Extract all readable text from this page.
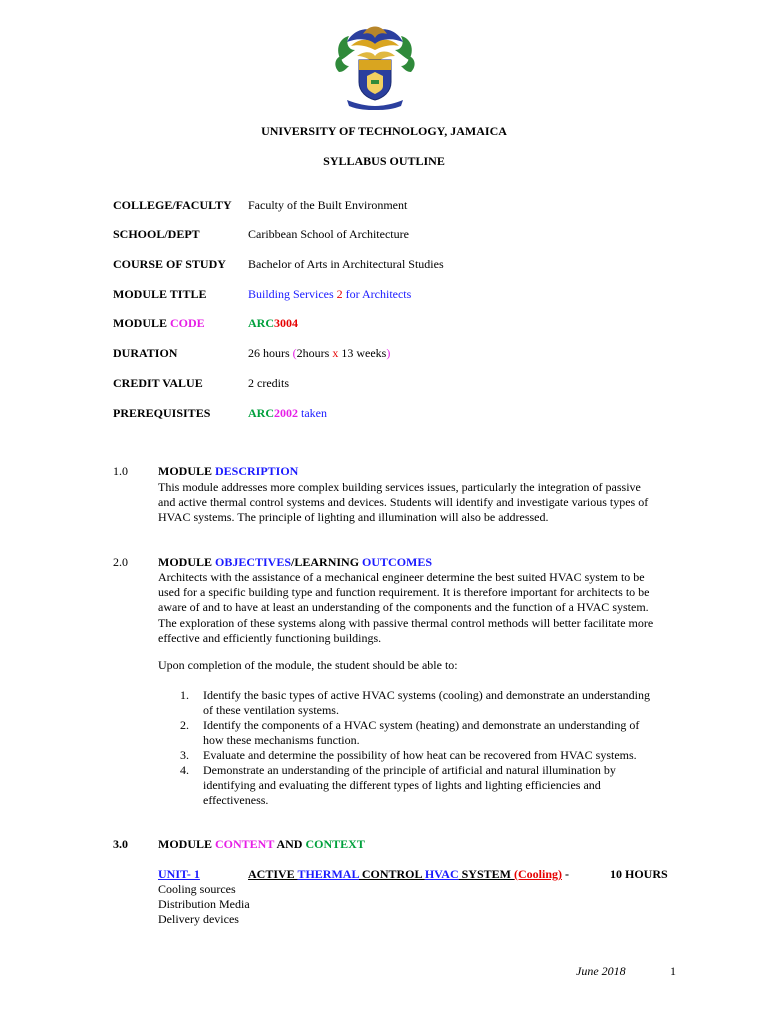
UNIVERSITY OF TECHNOLOGY, JAMAICA
SYLLABUS OUTLINE
COLLEGE/FACULTY Faculty of the Built Environment
SCHOOL/DEPT	Caribbean School of Architecture
COURSE OF STUDY Bachelor of Arts in Architectural Studies
MODULE TITLE	Building Services 2 for Architects
MODULE CODE	ARC3004
DURATION	26 hours (2hours x 13 weeks)
CREDIT VALUE	2 credits
PREREQUISITES	ARC2002 taken
1.0	MODULE DESCRIPTION
This module addresses more complex building services issues, particularly the integration of passive
and active thermal control systems and devices. Students will identify and investigate various types of
HVAC systems. The principle of lighting and illumination will also be addressed.
2.0	MODULE OBJECTIVES/LEARNING OUTCOMES
Architects with the assistance of a mechanical engineer determine the best suited HVAC system to be
used for a specific building type and function requirement. It is therefore important for architects to be
aware of and to have at least an understanding of the components and the function of a HVAC system.
The exploration of these systems along with passive thermal control methods will better facilitate more
effective and efficiently functioning buildings.
Upon completion of the module, the student should be able to:
1. Identify the basic types of active HVAC systems (cooling) and demonstrate an understanding
of these ventilation systems.
2. Identify the components of a HVAC system (heating) and demonstrate an understanding of
how these mechanisms function.
3. Evaluate and determine the possibility of how heat can be recovered from HVAC systems.
4. Demonstrate an understanding of the principle of artificial and natural illumination by
identifying and evaluating the different types of lights and lighting efficiencies and
effectiveness.
3.0	MODULE CONTENT AND CONTEXT
UNIT- 1	ACTIVE THERMAL CONTROL HVAC SYSTEM (Cooling) -	10 HOURS
Cooling sources
Distribution Media
Delivery devices
June 2018	1
